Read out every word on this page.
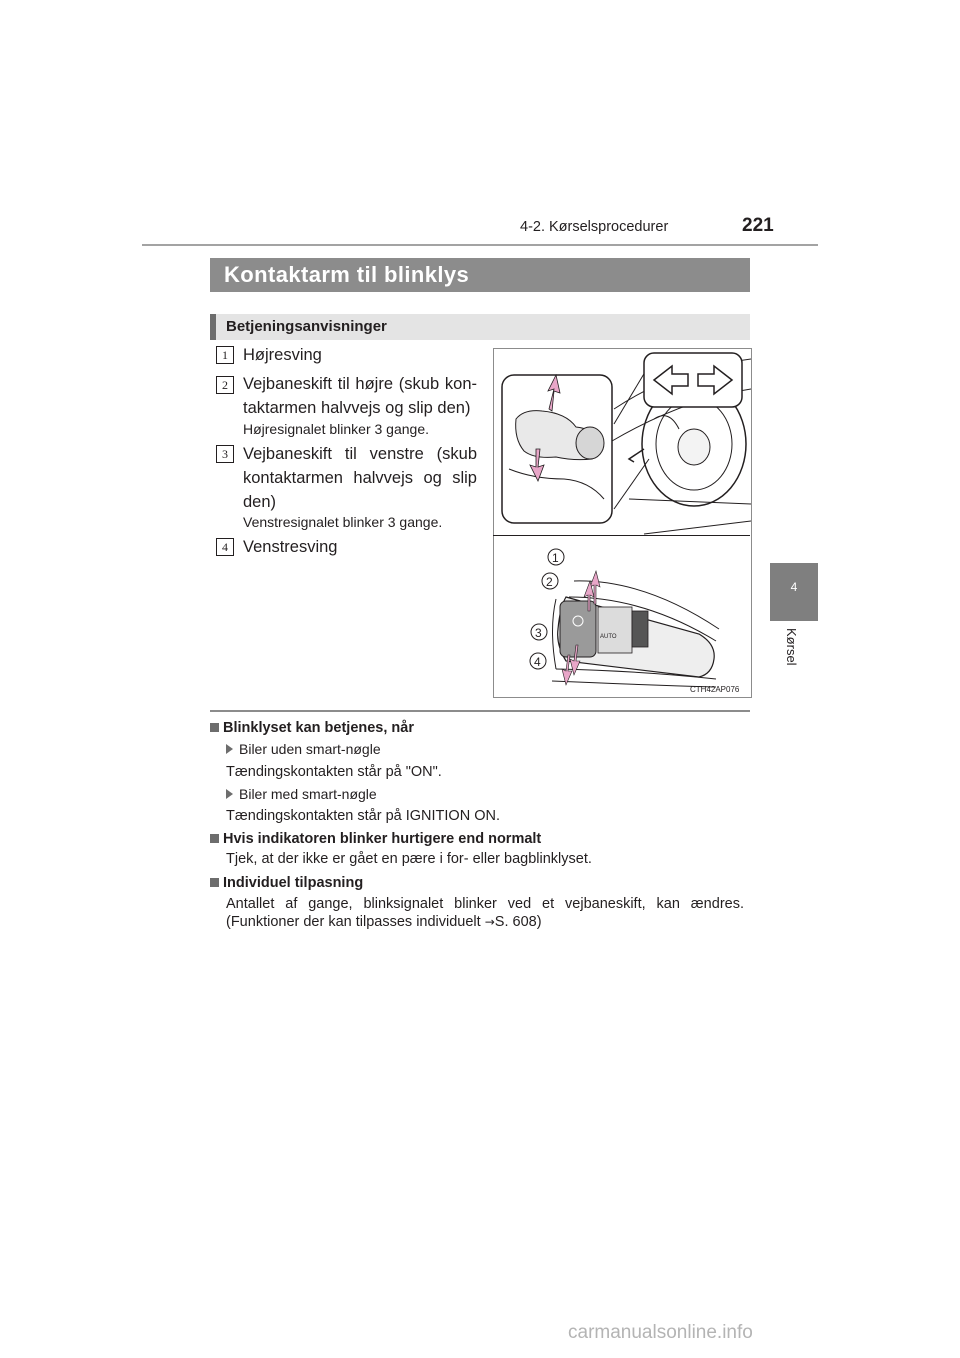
4-2. Kørselsprocedurer	221
4
Kørsel
Kontaktarm til blinklys
Betjeningsanvisninger
1 Højresving
2 Vejbaneskift til højre (skub kon-
taktarmen halvvejs og slip den)
Højresignalet blinker 3 gange.
3 Vejbaneskift til venstre (skub
kontaktarmen halvvejs og slip
den)
Venstresignalet blinker 3 gange.
4 Venstresving
AUTO
1
2
3
4
CTH42AP076
Blinklyset kan betjenes, når
Biler uden smart-nøgle
Tændingskontakten står på "ON".
Biler med smart-nøgle
Tændingskontakten står på IGNITION ON.
Hvis indikatoren blinker hurtigere end normalt
Tjek, at der ikke er gået en pære i for- eller bagblinklyset.
Individuel tilpasning
Antallet af gange, blinksignalet blinker ved et vejbaneskift, kan ændres.
(Funktioner der kan tilpasses individuelt →S. 608)
carmanualsonline.info
